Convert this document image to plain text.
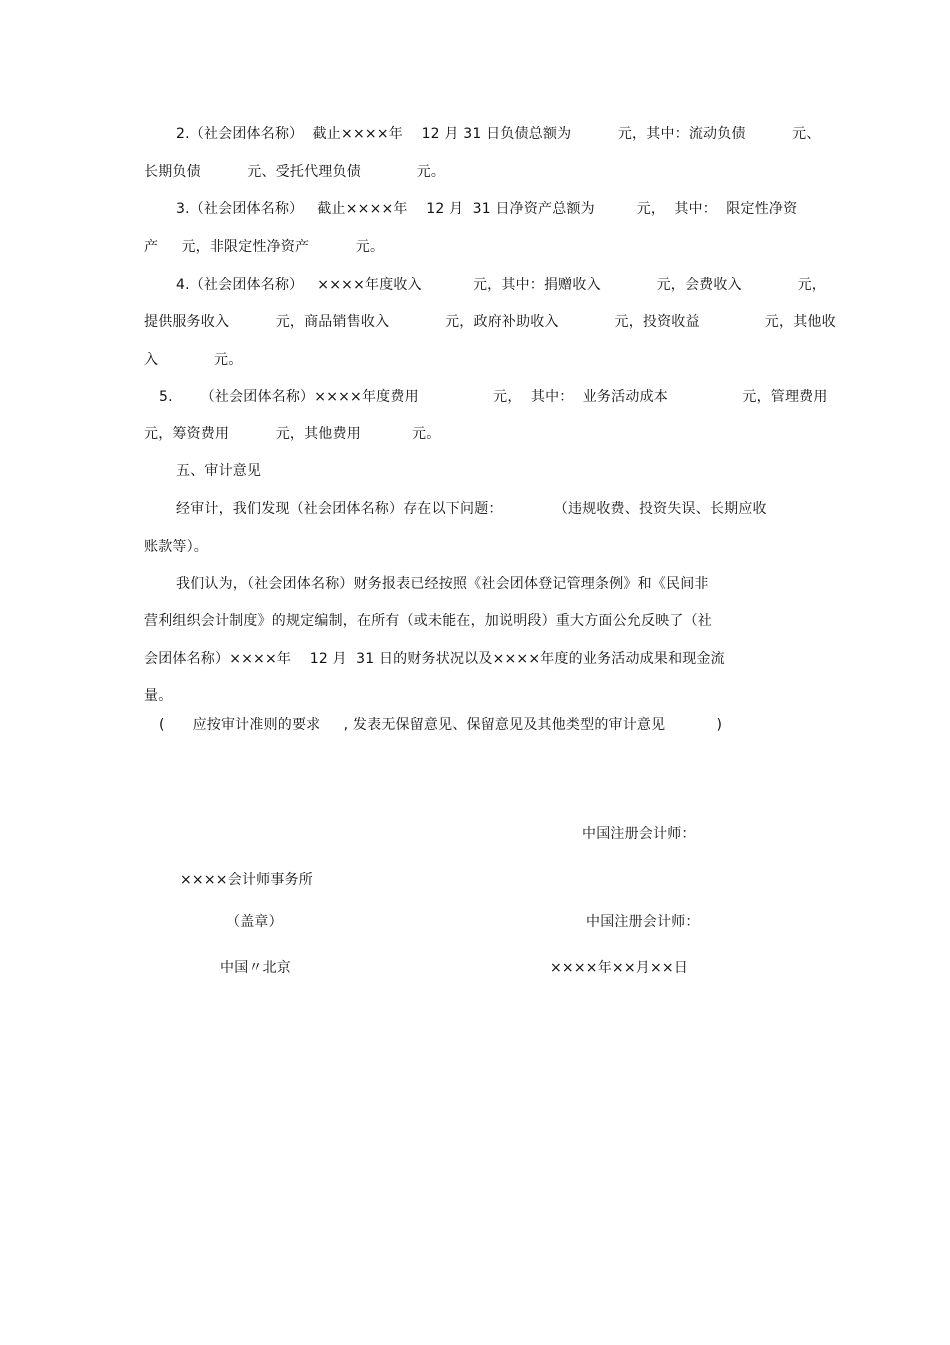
2.（社会团体名称）  截止××××年    12 月 31 日负债总额为          元，其中：流动负债          元、
长期负债          元、受托代理负债            元。
3.（社会团体名称）   截止××××年    12 月  31 日净资产总额为         元，  其中：  限定性净资
产     元，非限定性净资产          元。
4.（社会团体名称）   ××××年度收入           元，其中：捐赠收入            元，会费收入            元，
提供服务收入          元，商品销售收入            元，政府补助收入            元，投资收益              元，其他收
入            元。
5.      （社会团体名称）××××年度费用                元，  其中：  业务活动成本                元，管理费用
元，筹资费用          元，其他费用           元。
五、审计意见
经审计，我们发现（社会团体名称）存在以下问题：           （违规收费、投资失误、长期应收
账款等）。
我们认为，（社会团体名称）财务报表已经按照《社会团体登记管理条例》和《民间非
营利组织会计制度》的规定编制，在所有（或未能在，加说明段）重大方面公允反映了（社
会团体名称）××××年    12 月  31 日的财务状况以及××××年度的业务活动成果和现金流
量。
(      应按审计准则的要求     , 发表无保留意见、保留意见及其他类型的审计意见           )
中国注册会计师：
××××会计师事务所
（盖章）	中国注册会计师：
中国〃北京	××××年××月××日
